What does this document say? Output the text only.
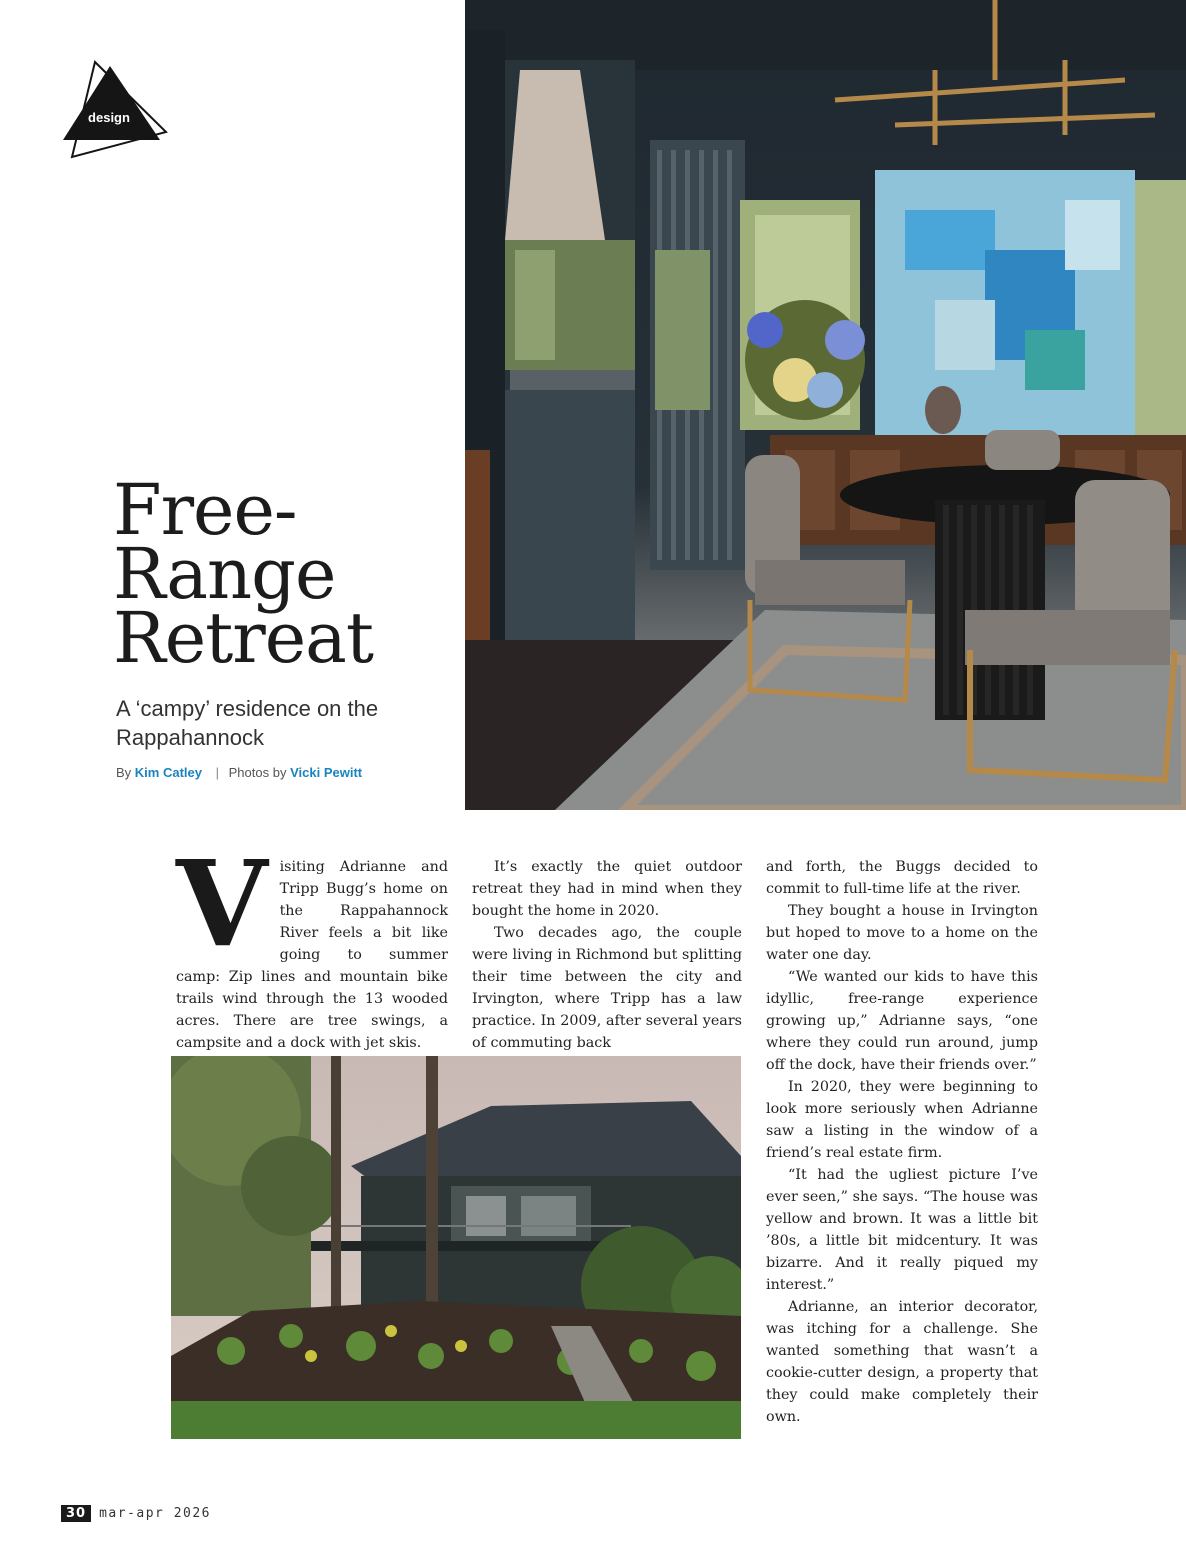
design
Free-
Range
Retreat

A ‘campy’ residence on the Rappahannock

By Kim Catley | Photos by Vicki Pewitt
V isiting Adrianne and Tripp Bugg’s home on the Rappahannock River feels a bit like going to summer camp: Zip lines and mountain bike trails wind through the 13 wooded acres. There are tree swings, a campsite and a dock with jet skis.

It’s exactly the quiet outdoor retreat they had in mind when they bought the home in 2020.

Two decades ago, the couple were living in Richmond but splitting their time between the city and Irvington, where Tripp has a law practice. In 2009, after several years of commuting back

and forth, the Buggs decided to commit to full-time life at the river.

They bought a house in Irvington but hoped to move to a home on the water one day.

“We wanted our kids to have this idyllic, free-range experience growing up,” Adrianne says, “one where they could run around, jump off the dock, have their friends over.”

In 2020, they were beginning to look more seriously when Adrianne saw a listing in the window of a friend’s real estate firm.

“It had the ugliest picture I’ve ever seen,” she says. “The house was yellow and brown. It was a little bit ’80s, a little bit midcentury. It was bizarre. And it really piqued my interest.”

Adrianne, an interior decorator, was itching for a challenge. She wanted something that wasn’t a cookie-cutter design, a property that they could make completely their own.

30	mar-apr 2026
